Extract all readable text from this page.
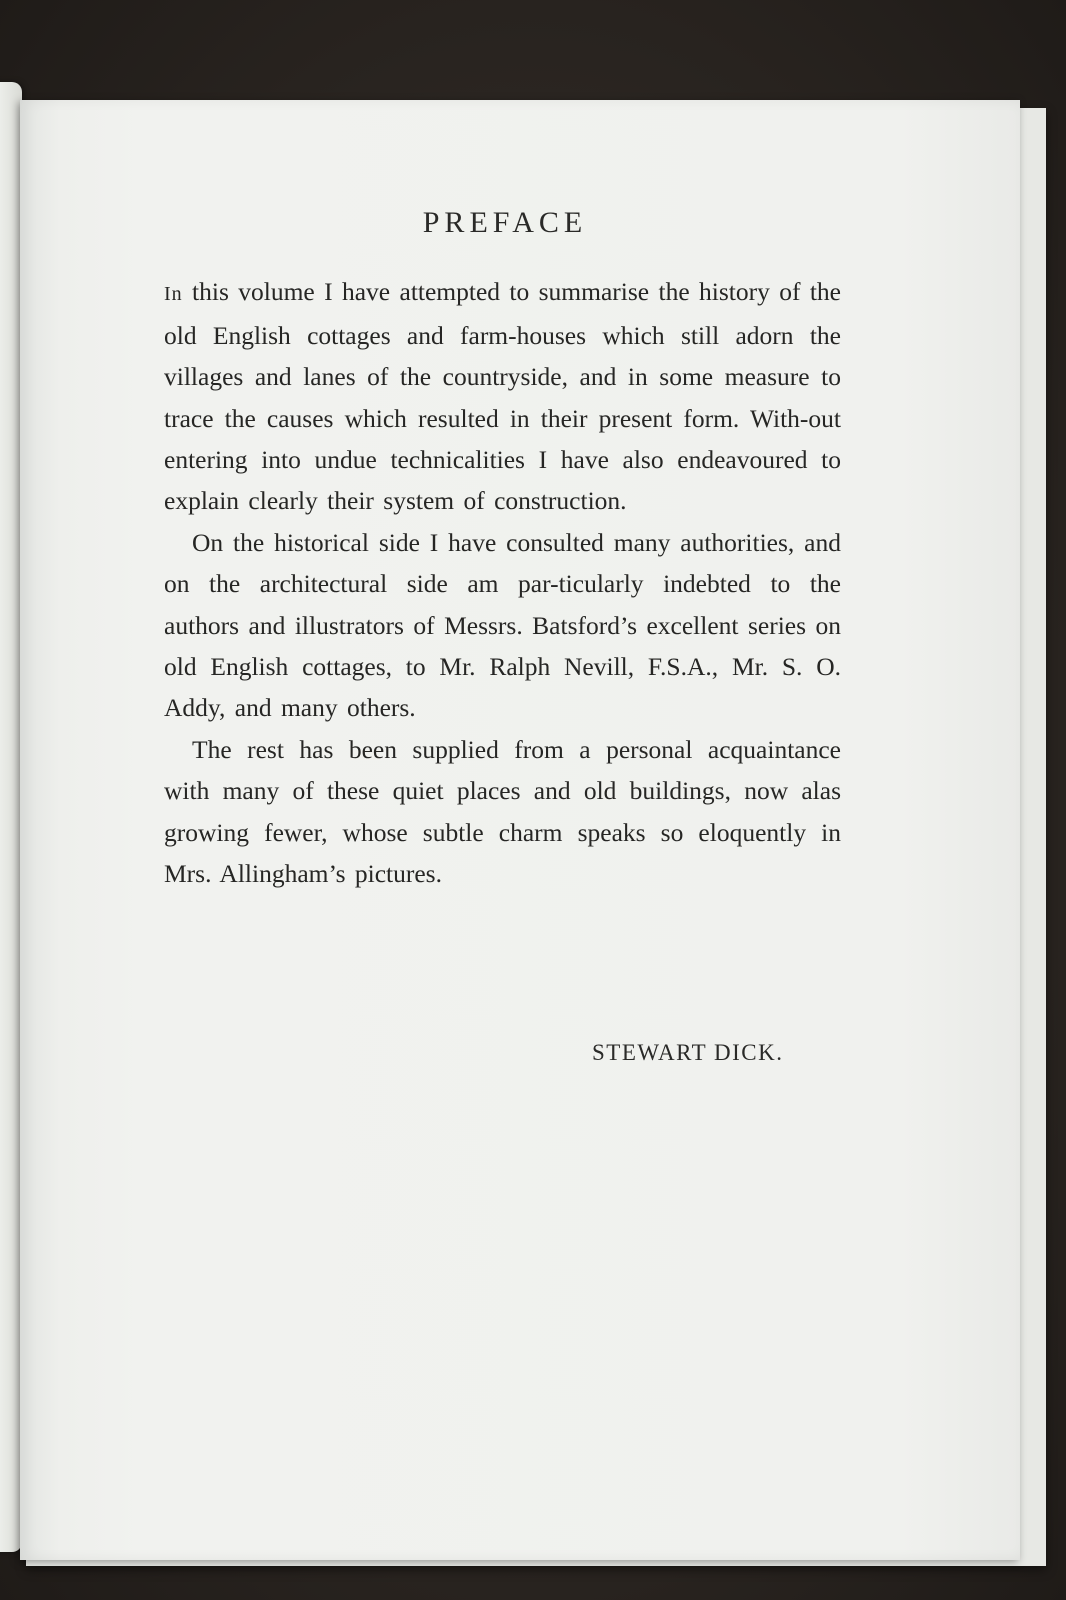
PREFACE

In this volume I have attempted to summarise the history of the old English cottages and farm-houses which still adorn the villages and lanes of the countryside, and in some measure to trace the causes which resulted in their present form. With-out entering into undue technicalities I have also endeavoured to explain clearly their system of construction.

On the historical side I have consulted many authorities, and on the architectural side am par-ticularly indebted to the authors and illustrators of Messrs. Batsford’s excellent series on old English cottages, to Mr. Ralph Nevill, F.S.A., Mr. S. O. Addy, and many others.

The rest has been supplied from a personal acquaintance with many of these quiet places and old buildings, now alas growing fewer, whose subtle charm speaks so eloquently in Mrs. Allingham’s pictures.

STEWART DICK.
